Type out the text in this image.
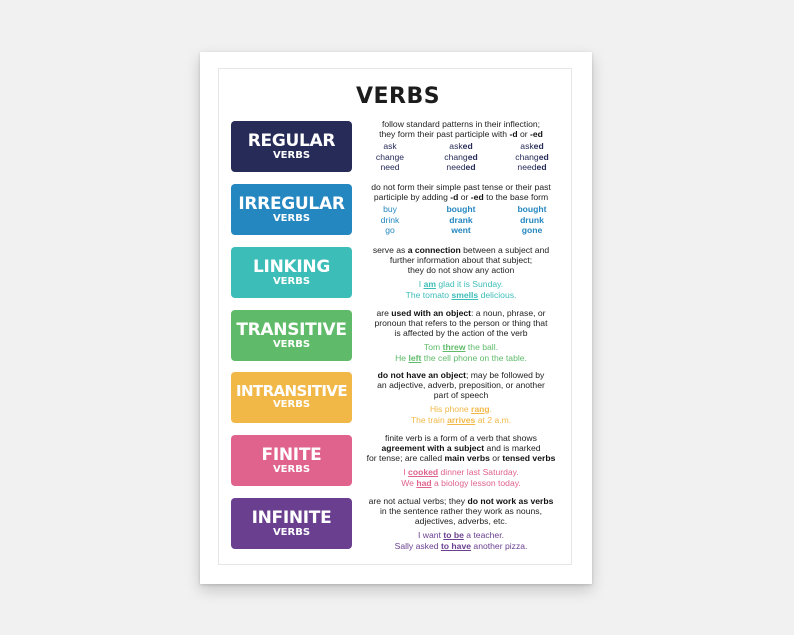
VERBS
REGULAR
VERBS
follow standard patterns in their inflection;
they form their past participle with -d or -ed
ask
change
need
asked
changed
needed
asked
changed
needed
IRREGULAR
VERBS
do not form their simple past tense or their past
participle by adding -d or -ed to the base form
buy
drink
go
bought
drank
went
bought
drunk
gone
LINKING
VERBS
serve as a connection between a subject and
further information about that subject;
they do not show any action
I am glad it is Sunday.
The tomato smells delicious.
TRANSITIVE
VERBS
are used with an object: a noun, phrase, or
pronoun that refers to the person or thing that
is affected by the action of the verb
Tom threw the ball.
He left the cell phone on the table.
INTRANSITIVE
VERBS
do not have an object; may be followed by
an adjective, adverb, preposition, or another
part of speech
His phone rang.
The train arrives at 2 a.m.
FINITE
VERBS
finite verb is a form of a verb that shows
agreement with a subject and is marked
for tense; are called main verbs or tensed verbs
I cooked dinner last Saturday.
We had a biology lesson today.
INFINITE
VERBS
are not actual verbs; they do not work as verbs
in the sentence rather they work as nouns,
adjectives, adverbs, etc.
I want to be a teacher.
Sally asked to have another pizza.
